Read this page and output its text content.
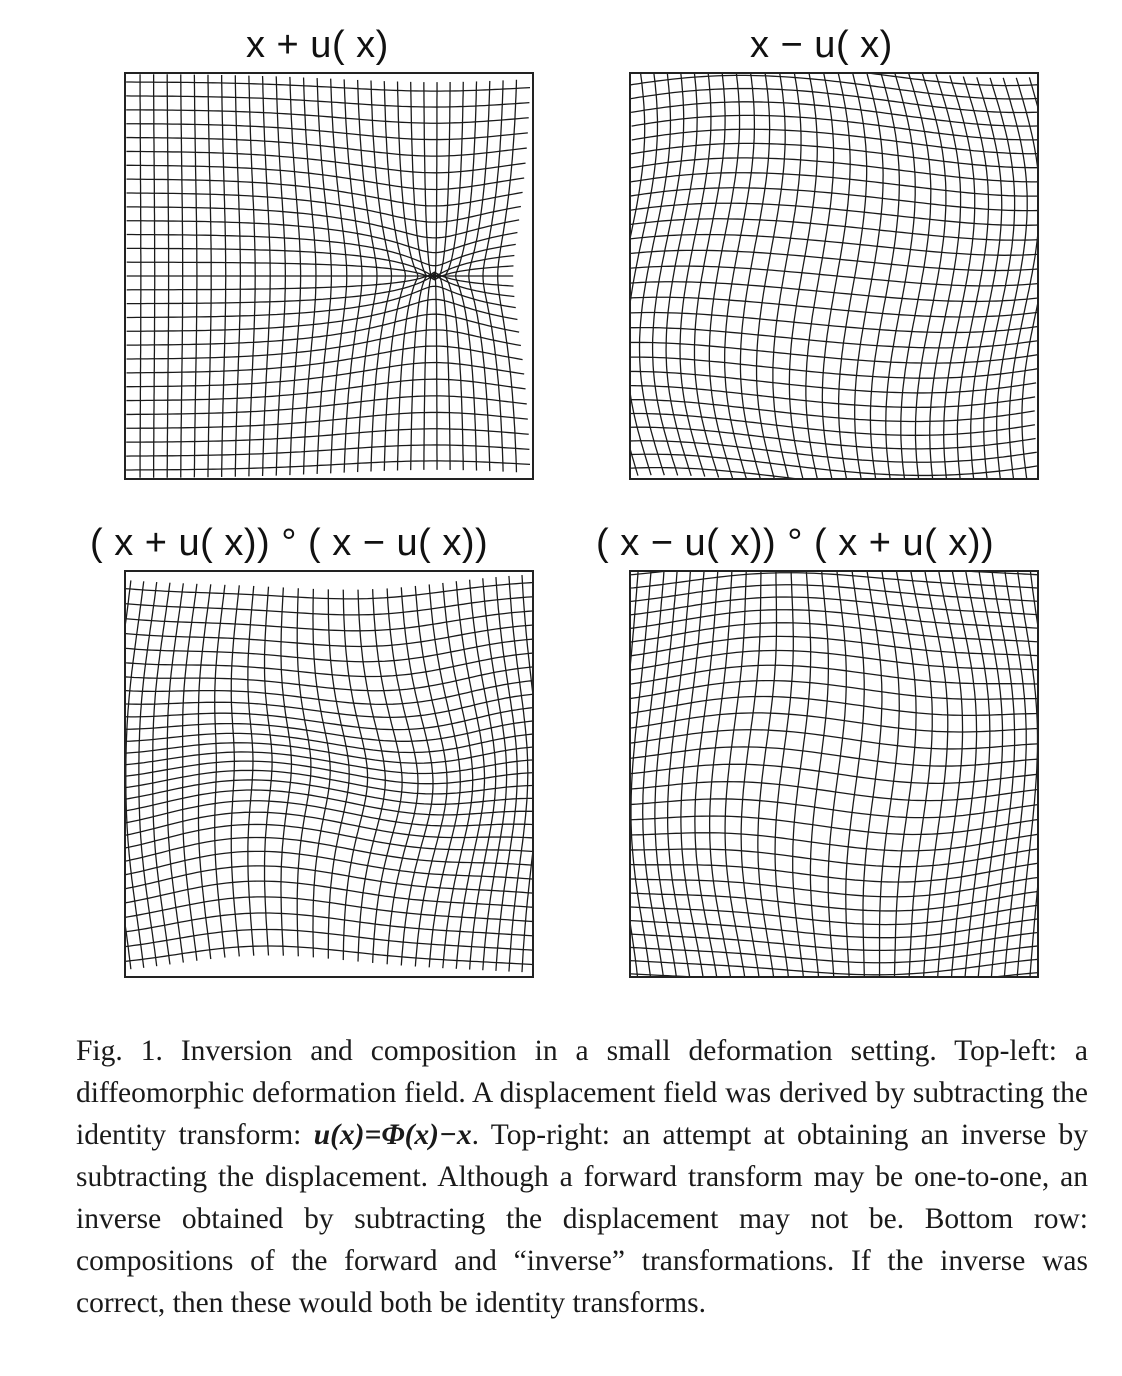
x + u( x)	x − u( x)
( x + u( x)) ° ( x − u( x))	( x − u( x)) ° ( x + u( x))
Fig. 1. Inversion and composition in a small deformation setting. Top-left: a diffeomorphic deformation field. A displacement field was derived by subtracting the identity transform: u(x)=Φ(x)−x. Top-right: an attempt at obtaining an inverse by subtracting the displacement. Although a forward transform may be one-to-one, an inverse obtained by subtracting the displacement may not be. Bottom row: compositions of the forward and “inverse” transformations. If the inverse was correct, then these would both be identity transforms.
